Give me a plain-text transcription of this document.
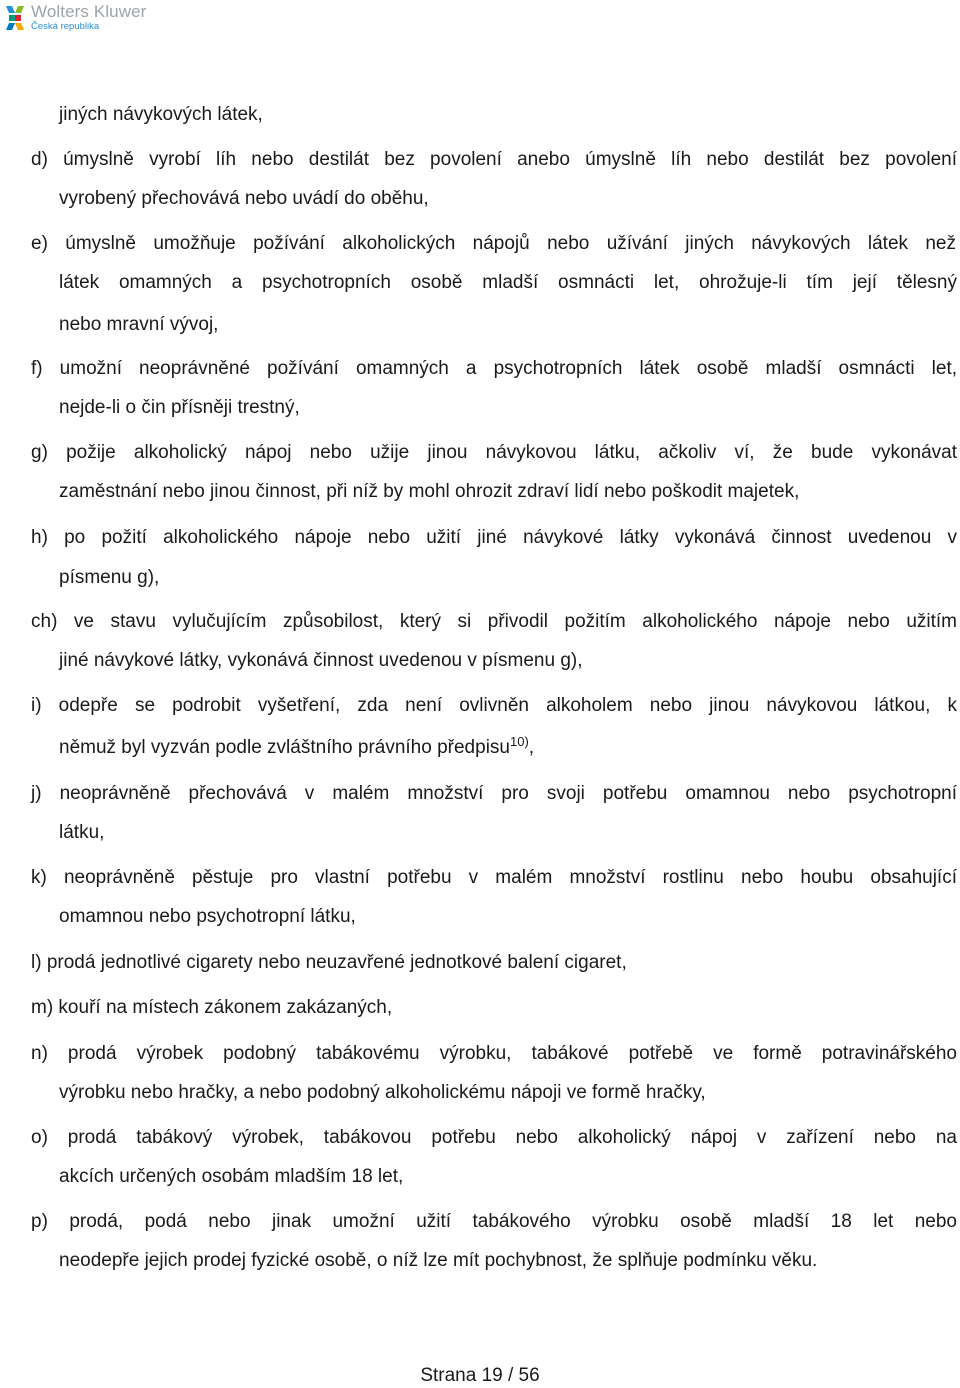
Wolters Kluwer
Česká republika
jiných návykových látek,
d) úmyslně vyrobí líh nebo destilát bez povolení anebo úmyslně líh nebo destilát bez povolení
vyrobený přechovává nebo uvádí do oběhu,
e) úmyslně umožňuje požívání alkoholických nápojů nebo užívání jiných návykových látek než
látek omamných a psychotropních osobě mladší osmnácti let, ohrožuje-li tím její tělesný
nebo mravní vývoj,
f) umožní neoprávněné požívání omamných a psychotropních látek osobě mladší osmnácti let,
nejde-li o čin přísněji trestný,
g) požije alkoholický nápoj nebo užije jinou návykovou látku, ačkoliv ví, že bude vykonávat
zaměstnání nebo jinou činnost, při níž by mohl ohrozit zdraví lidí nebo poškodit majetek,
h) po požití alkoholického nápoje nebo užití jiné návykové látky vykonává činnost uvedenou v
písmenu g),
ch) ve stavu vylučujícím způsobilost, který si přivodil požitím alkoholického nápoje nebo užitím
jiné návykové látky, vykonává činnost uvedenou v písmenu g),
i) odepře se podrobit vyšetření, zda není ovlivněn alkoholem nebo jinou návykovou látkou, k
němuž byl vyzván podle zvláštního právního předpisu$^{10)}$,
j) neoprávněně přechovává v malém množství pro svoji potřebu omamnou nebo psychotropní
látku,
k) neoprávněně pěstuje pro vlastní potřebu v malém množství rostlinu nebo houbu obsahující
omamnou nebo psychotropní látku,
l) prodá jednotlivé cigarety nebo neuzavřené jednotkové balení cigaret,
m) kouří na místech zákonem zakázaných,
n) prodá výrobek podobný tabákovému výrobku, tabákové potřebě ve formě potravinářského
výrobku nebo hračky, a nebo podobný alkoholickému nápoji ve formě hračky,
o) prodá tabákový výrobek, tabákovou potřebu nebo alkoholický nápoj v zařízení nebo na
akcích určených osobám mladším 18 let,
p) prodá, podá nebo jinak umožní užití tabákového výrobku osobě mladší 18 let nebo
neodepře jejich prodej fyzické osobě, o níž lze mít pochybnost, že splňuje podmínku věku.
Strana 19 / 56
